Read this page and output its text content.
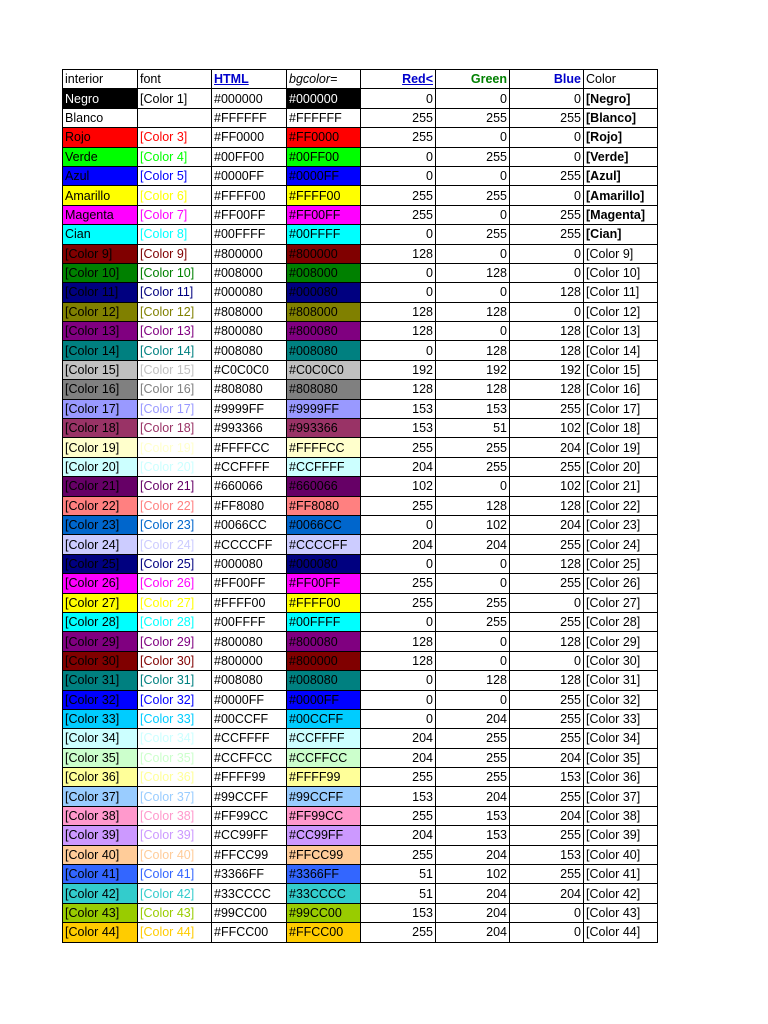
interior	font	HTML	bgcolor=	Red<	Green	Blue	Color
Negro	[Color 1]	#000000	#000000	0	0	0	[Negro]
Blanco		#FFFFFF	#FFFFFF	255	255	255	[Blanco]
Rojo	[Color 3]	#FF0000	#FF0000	255	0	0	[Rojo]
Verde	[Color 4]	#00FF00	#00FF00	0	255	0	[Verde]
Azul	[Color 5]	#0000FF	#0000FF	0	0	255	[Azul]
Amarillo	[Color 6]	#FFFF00	#FFFF00	255	255	0	[Amarillo]
Magenta	[Color 7]	#FF00FF	#FF00FF	255	0	255	[Magenta]
Cian	[Color 8]	#00FFFF	#00FFFF	0	255	255	[Cian]
[Color 9]	[Color 9]	#800000	#800000	128	0	0	[Color 9]
[Color 10]	[Color 10]	#008000	#008000	0	128	0	[Color 10]
[Color 11]	[Color 11]	#000080	#000080	0	0	128	[Color 11]
[Color 12]	[Color 12]	#808000	#808000	128	128	0	[Color 12]
[Color 13]	[Color 13]	#800080	#800080	128	0	128	[Color 13]
[Color 14]	[Color 14]	#008080	#008080	0	128	128	[Color 14]
[Color 15]	[Color 15]	#C0C0C0	#C0C0C0	192	192	192	[Color 15]
[Color 16]	[Color 16]	#808080	#808080	128	128	128	[Color 16]
[Color 17]	[Color 17]	#9999FF	#9999FF	153	153	255	[Color 17]
[Color 18]	[Color 18]	#993366	#993366	153	51	102	[Color 18]
[Color 19]	[Color 19]	#FFFFCC	#FFFFCC	255	255	204	[Color 19]
[Color 20]	[Color 20]	#CCFFFF	#CCFFFF	204	255	255	[Color 20]
[Color 21]	[Color 21]	#660066	#660066	102	0	102	[Color 21]
[Color 22]	[Color 22]	#FF8080	#FF8080	255	128	128	[Color 22]
[Color 23]	[Color 23]	#0066CC	#0066CC	0	102	204	[Color 23]
[Color 24]	[Color 24]	#CCCCFF	#CCCCFF	204	204	255	[Color 24]
[Color 25]	[Color 25]	#000080	#000080	0	0	128	[Color 25]
[Color 26]	[Color 26]	#FF00FF	#FF00FF	255	0	255	[Color 26]
[Color 27]	[Color 27]	#FFFF00	#FFFF00	255	255	0	[Color 27]
[Color 28]	[Color 28]	#00FFFF	#00FFFF	0	255	255	[Color 28]
[Color 29]	[Color 29]	#800080	#800080	128	0	128	[Color 29]
[Color 30]	[Color 30]	#800000	#800000	128	0	0	[Color 30]
[Color 31]	[Color 31]	#008080	#008080	0	128	128	[Color 31]
[Color 32]	[Color 32]	#0000FF	#0000FF	0	0	255	[Color 32]
[Color 33]	[Color 33]	#00CCFF	#00CCFF	0	204	255	[Color 33]
[Color 34]	[Color 34]	#CCFFFF	#CCFFFF	204	255	255	[Color 34]
[Color 35]	[Color 35]	#CCFFCC	#CCFFCC	204	255	204	[Color 35]
[Color 36]	[Color 36]	#FFFF99	#FFFF99	255	255	153	[Color 36]
[Color 37]	[Color 37]	#99CCFF	#99CCFF	153	204	255	[Color 37]
[Color 38]	[Color 38]	#FF99CC	#FF99CC	255	153	204	[Color 38]
[Color 39]	[Color 39]	#CC99FF	#CC99FF	204	153	255	[Color 39]
[Color 40]	[Color 40]	#FFCC99	#FFCC99	255	204	153	[Color 40]
[Color 41]	[Color 41]	#3366FF	#3366FF	51	102	255	[Color 41]
[Color 42]	[Color 42]	#33CCCC	#33CCCC	51	204	204	[Color 42]
[Color 43]	[Color 43]	#99CC00	#99CC00	153	204	0	[Color 43]
[Color 44]	[Color 44]	#FFCC00	#FFCC00	255	204	0	[Color 44]
